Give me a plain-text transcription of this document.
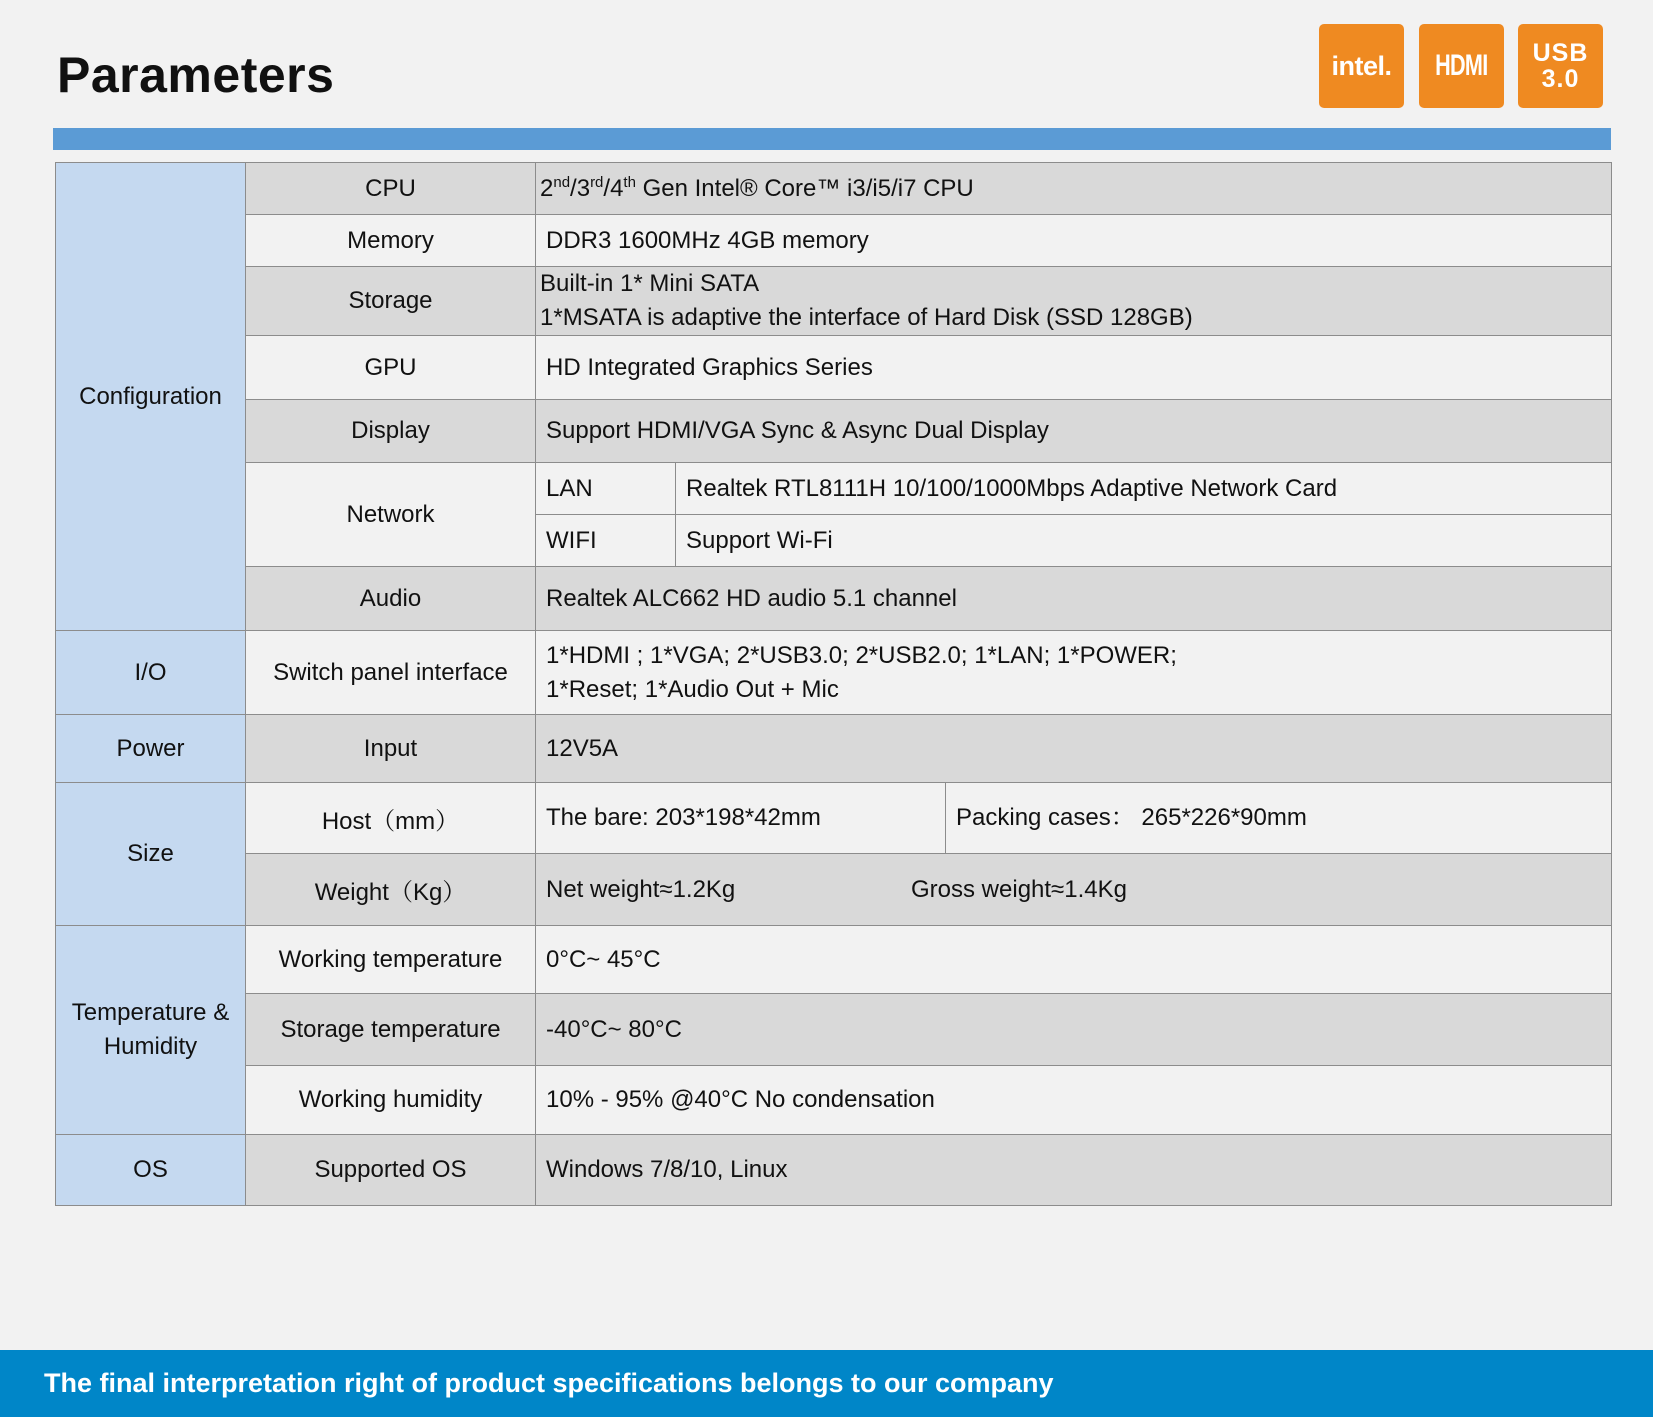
Parameters	intel. HDMI USB
3.0
Configuration	CPU	2nd/3rd/4th Gen Intel® Core™ i3/i5/i7 CPU		
	Memory	DDR3 1600MHz 4GB memory		
	Storage	Built-in 1* Mini SATA
1*MSATA is adaptive the interface of Hard Disk (SSD 128GB)		

	GPU	HD Integrated Graphics Series		
	Display	Support HDMI/VGA Sync & Async Dual Display		
	Network	LAN	Realtek RTL8111H 10/100/1000Mbps Adaptive Network Card	
		WIFI	Support Wi-Fi	
	Audio	Realtek ALC662 HD audio 5.1 channel		
I/O	Switch panel interface	1*HDMI ; 1*VGA; 2*USB3.0; 2*USB2.0; 1*LAN; 1*POWER;
1*Reset; 1*Audio Out + Mic		

Power	Input	12V5A		
Size	Host（mm）	The bare: 203*198*42mm		Packing cases： 265*226*90mm
	Weight（Kg）	Net weight≈1.2Kg Gross weight≈1.4Kg		

Temperature &
Humidity	Working temperature	0°C~ 45°C		
	Storage temperature	-40°C~ 80°C		
	Working humidity	10% - 95% @40°C No condensation		
OS	Supported OS	Windows 7/8/10, Linux		
The final interpretation right of product specifications belongs to our company
